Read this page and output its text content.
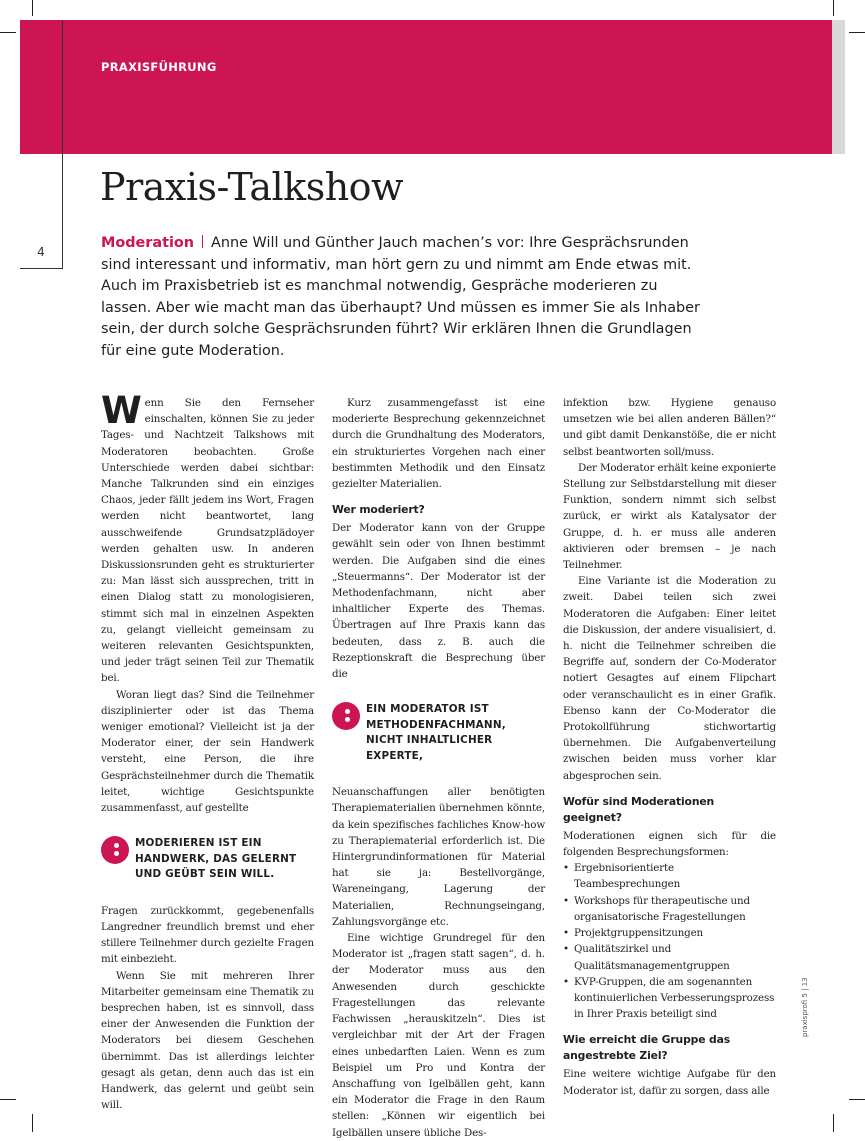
PRAXISFÜHRUNG
4
Praxis-Talkshow

Moderation Anne Will und Günther Jauch machen’s vor: Ihre Gesprächsrunden sind interessant und informativ, man hört gern zu und nimmt am Ende etwas mit. Auch im Praxisbetrieb ist es manchmal notwendig, Gespräche moderieren zu lassen. Aber wie macht man das überhaupt? Und müssen es immer Sie als Inhaber sein, der durch solche Gesprächsrunden führt? Wir erklären Ihnen die Grundlagen für eine gute Moderation.

Wenn Sie den Fernseher einschalten, können Sie zu jeder Tages- und Nachtzeit Talkshows mit Moderatoren beobachten. Große Unterschiede werden dabei sichtbar: Manche Talkrunden sind ein einziges Chaos, jeder fällt jedem ins Wort, Fragen werden nicht beantwortet, lang ausschweifende Grundsatzplädoyer werden gehalten usw. In anderen Diskussionsrunden geht es strukturierter zu: Man lässt sich aussprechen, tritt in einen Dialog statt zu monologisieren, stimmt sich mal in einzelnen Aspekten zu, gelangt vielleicht gemeinsam zu weiteren relevanten Gesichtspunkten, und jeder trägt seinen Teil zur Thematik bei.

Woran liegt das? Sind die Teilnehmer disziplinierter oder ist das Thema weniger emotional? Vielleicht ist ja der Moderator einer, der sein Handwerk versteht, eine Person, die ihre Gesprächsteilnehmer durch die Thematik leitet, wichtige Gesichtspunkte zusammenfasst, auf gestellte

MODERIEREN IST EIN HANDWERK, DAS GELERNT UND GEÜBT SEIN WILL.

Fragen zurückkommt, gegebenenfalls Langredner freundlich bremst und eher stillere Teilnehmer durch gezielte Fragen mit einbezieht.

Wenn Sie mit mehreren Ihrer Mitarbeiter gemeinsam eine Thematik zu besprechen haben, ist es sinnvoll, dass einer der Anwesenden die Funktion der Moderators bei diesem Geschehen übernimmt. Das ist allerdings leichter gesagt als getan, denn auch das ist ein Handwerk, das gelernt und geübt sein will.

Kurz zusammengefasst ist eine moderierte Besprechung gekennzeichnet durch die Grundhaltung des Moderators, ein strukturiertes Vorgehen nach einer bestimmten Methodik und den Einsatz gezielter Materialien.

Wer moderiert?

Der Moderator kann von der Gruppe gewählt sein oder von Ihnen bestimmt werden. Die Aufgaben sind die eines „Steuermanns“. Der Moderator ist der Methodenfachmann, nicht aber inhaltlicher Experte des Themas. Übertragen auf Ihre Praxis kann das bedeuten, dass z. B. auch die Rezeptionskraft die Besprechung über die

EIN MODERATOR IST METHODENFACHMANN, NICHT INHALTLICHER EXPERTE,

Neuanschaffungen aller benötigten Therapiematerialien übernehmen könnte, da kein spezifisches fachliches Know-how zu Therapiematerial erforderlich ist. Die Hintergrundinformationen für Material hat sie ja: Bestellvorgänge, Wareneingang, Lagerung der Materialien, Rechnungseingang, Zahlungsvorgänge etc.

Eine wichtige Grundregel für den Moderator ist „fragen statt sagen“, d. h. der Moderator muss aus den Anwesenden durch geschickte Fragestellungen das relevante Fachwissen „herauskitzeln“. Dies ist vergleichbar mit der Art der Fragen eines unbedarften Laien. Wenn es zum Beispiel um Pro und Kontra der Anschaffung von Igelbällen geht, kann ein Moderator die Frage in den Raum stellen: „Können wir eigentlich bei Igelbällen unsere übliche Des-

infektion bzw. Hygiene genauso umsetzen wie bei allen anderen Bällen?“ und gibt damit Denkanstöße, die er nicht selbst beantworten soll/muss.

Der Moderator erhält keine exponierte Stellung zur Selbstdarstellung mit dieser Funktion, sondern nimmt sich selbst zurück, er wirkt als Katalysator der Gruppe, d. h. er muss alle anderen aktivieren oder bremsen – je nach Teilnehmer.

Eine Variante ist die Moderation zu zweit. Dabei teilen sich zwei Moderatoren die Aufgaben: Einer leitet die Diskussion, der andere visualisiert, d. h. nicht die Teilnehmer schreiben die Begriffe auf, sondern der Co-Moderator notiert Gesagtes auf einem Flipchart oder veranschaulicht es in einer Grafik. Ebenso kann der Co-Moderator die Protokollführung stichwortartig übernehmen. Die Aufgabenverteilung zwischen beiden muss vorher klar abgesprochen sein.

Wofür sind Moderationen geeignet?

Moderationen eignen sich für die folgenden Besprechungsformen:

• Ergebnisorientierte Teambesprechungen
• Workshops für therapeutische und organisatorische Fragestellungen
• Projektgruppensitzungen
• Qualitätszirkel und Qualitätsmanagementgruppen
• KVP-Gruppen, die am sogenannten kontinuierlichen Verbesserungsprozess in Ihrer Praxis beteiligt sind
Wie erreicht die Gruppe das angestrebte Ziel?

Eine weitere wichtige Aufgabe für den Moderator ist, dafür zu sorgen, dass alle

praxisprofi 5 | 13
